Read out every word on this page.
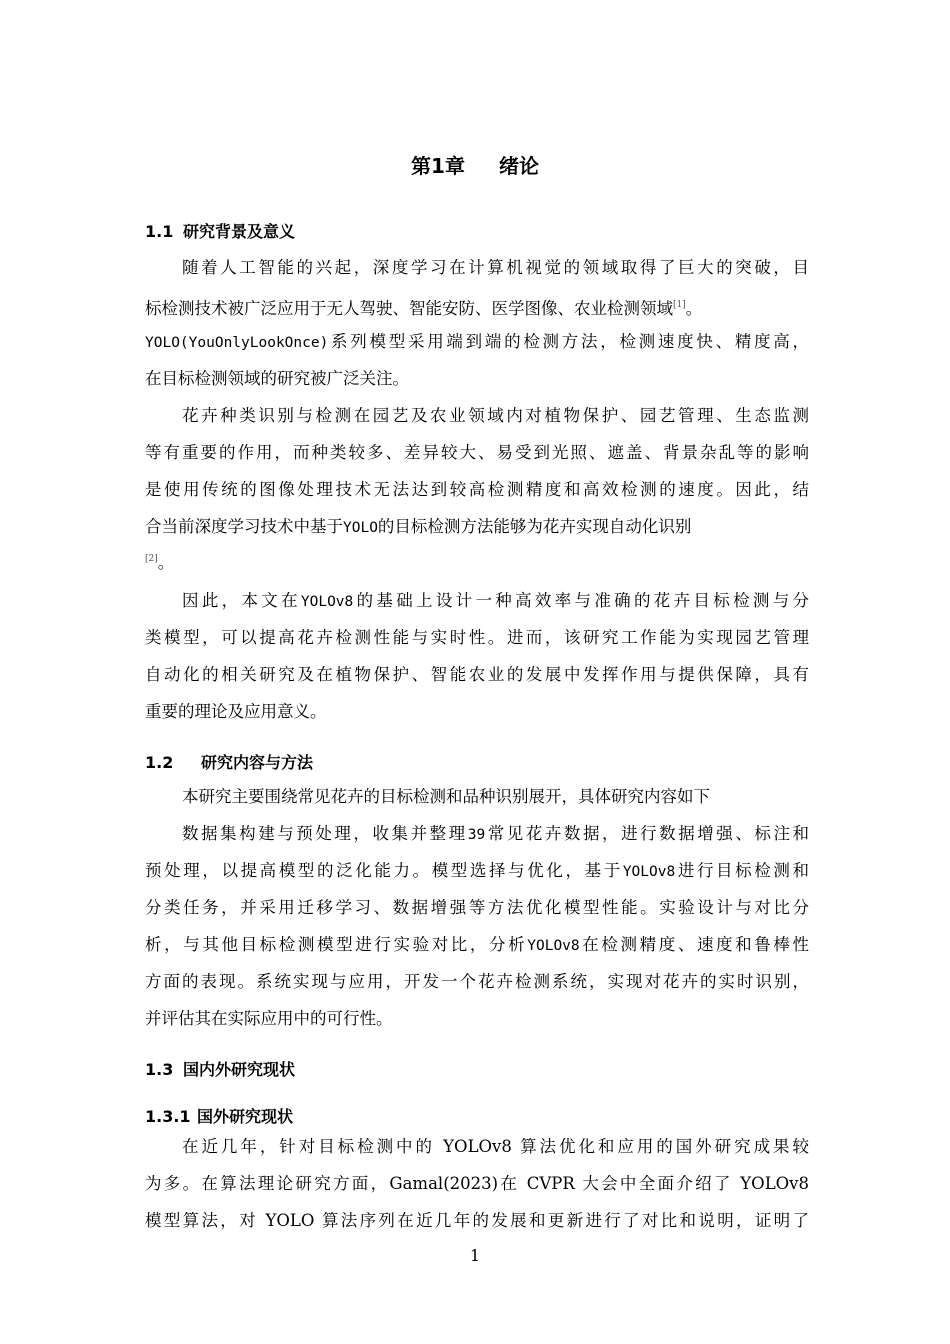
第1章 绪论
1.1 研究背景及意义
随着人工智能的兴起，深度学习在计算机视觉的领域取得了巨大的突破，目
标检测技术被广泛应用于无人驾驶、智能安防、医学图像、农业检测领域[1]。
YOLO(YouOnlyLookOnce)系列模型采用端到端的检测方法，检测速度快、精度高，
在目标检测领域的研究被广泛关注。
花卉种类识别与检测在园艺及农业领域内对植物保护、园艺管理、生态监测
等有重要的作用，而种类较多、差异较大、易受到光照、遮盖、背景杂乱等的影响
是使用传统的图像处理技术无法达到较高检测精度和高效检测的速度。因此，结
合当前深度学习技术中基于YOLO的目标检测方法能够为花卉实现自动化识别
[2]。
因此，本文在YOLOv8的基础上设计一种高效率与准确的花卉目标检测与分
类模型，可以提高花卉检测性能与实时性。进而，该研究工作能为实现园艺管理
自动化的相关研究及在植物保护、智能农业的发展中发挥作用与提供保障，具有
重要的理论及应用意义。
1.2 研究内容与方法
本研究主要围绕常见花卉的目标检测和品种识别展开，具体研究内容如下
数据集构建与预处理，收集并整理39常见花卉数据，进行数据增强、标注和
预处理，以提高模型的泛化能力。模型选择与优化，基于YOLOv8进行目标检测和
分类任务，并采用迁移学习、数据增强等方法优化模型性能。实验设计与对比分
析，与其他目标检测模型进行实验对比，分析YOLOv8在检测精度、速度和鲁棒性
方面的表现。系统实现与应用，开发一个花卉检测系统，实现对花卉的实时识别，
并评估其在实际应用中的可行性。
1.3 国内外研究现状
1.3.1 国外研究现状
在近几年，针对目标检测中的 YOLOv8 算法优化和应用的国外研究成果较
为多。在算法理论研究方面，Gamal(2023)在 CVPR 大会中全面介绍了 YOLOv8
模型算法，对 YOLO 算法序列在近几年的发展和更新进行了对比和说明，证明了
1
